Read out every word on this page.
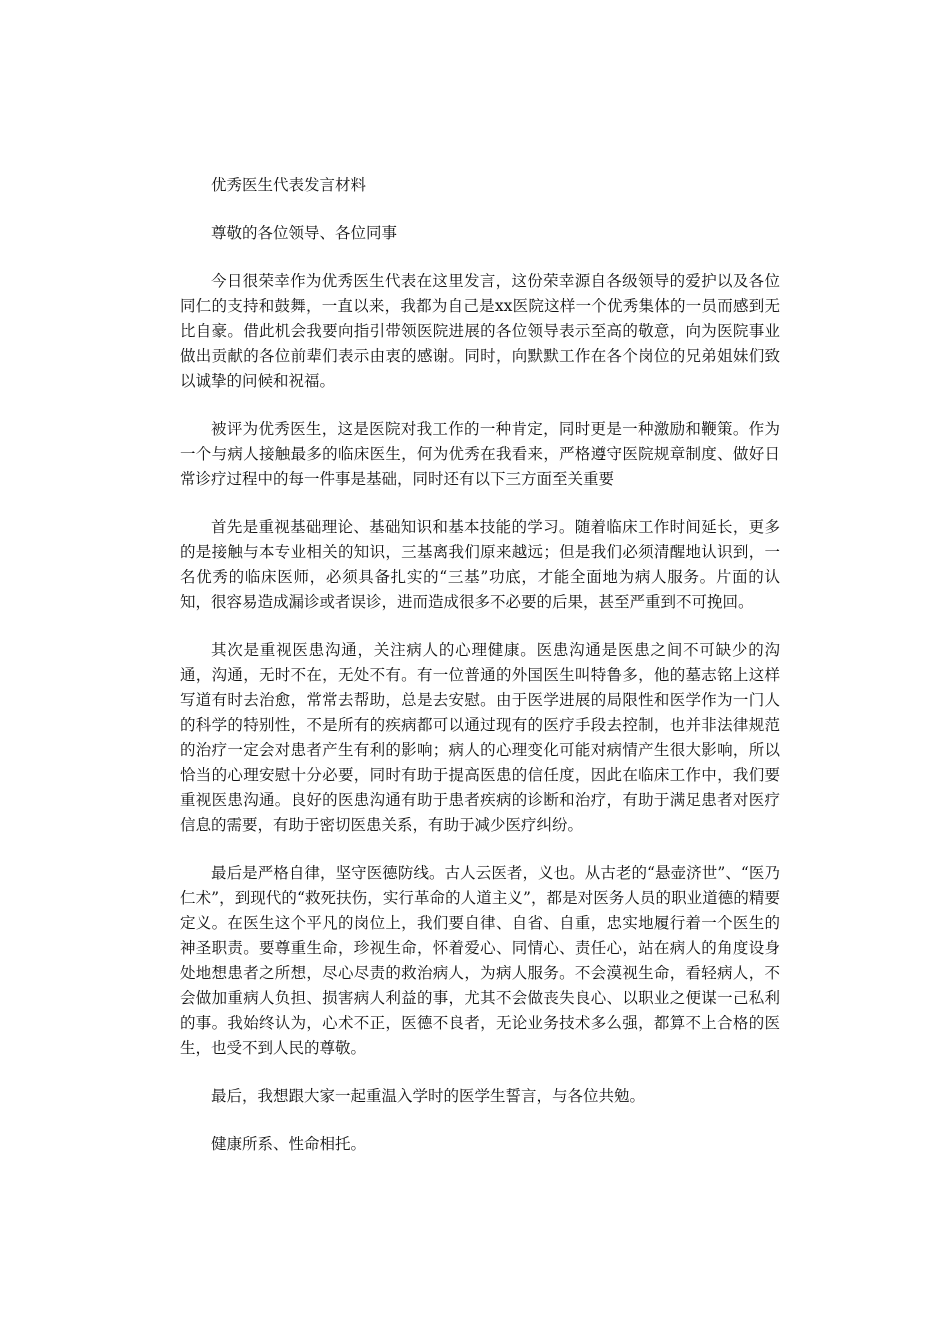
优秀医生代表发言材料

尊敬的各位领导、各位同事

今日很荣幸作为优秀医生代表在这里发言，这份荣幸源自各级领导的爱护以及各位同仁的支持和鼓舞，一直以来，我都为自己是xx医院这样一个优秀集体的一员而感到无比自豪。借此机会我要向指引带领医院进展的各位领导表示至高的敬意，向为医院事业做出贡献的各位前辈们表示由衷的感谢。同时，向默默工作在各个岗位的兄弟姐妹们致以诚挚的问候和祝福。

被评为优秀医生，这是医院对我工作的一种肯定，同时更是一种激励和鞭策。作为一个与病人接触最多的临床医生，何为优秀在我看来，严格遵守医院规章制度、做好日常诊疗过程中的每一件事是基础，同时还有以下三方面至关重要

首先是重视基础理论、基础知识和基本技能的学习。随着临床工作时间延长，更多的是接触与本专业相关的知识，三基离我们原来越远；但是我们必须清醒地认识到，一名优秀的临床医师，必须具备扎实的“三基”功底，才能全面地为病人服务。片面的认知，很容易造成漏诊或者误诊，进而造成很多不必要的后果，甚至严重到不可挽回。

其次是重视医患沟通，关注病人的心理健康。医患沟通是医患之间不可缺少的沟通，沟通，无时不在，无处不有。有一位普通的外国医生叫特鲁多，他的墓志铭上这样写道有时去治愈，常常去帮助，总是去安慰。由于医学进展的局限性和医学作为一门人的科学的特别性，不是所有的疾病都可以通过现有的医疗手段去控制，也并非法律规范的治疗一定会对患者产生有利的影响；病人的心理变化可能对病情产生很大影响，所以恰当的心理安慰十分必要，同时有助于提高医患的信任度，因此在临床工作中，我们要重视医患沟通。良好的医患沟通有助于患者疾病的诊断和治疗，有助于满足患者对医疗信息的需要，有助于密切医患关系，有助于减少医疗纠纷。

最后是严格自律，坚守医德防线。古人云医者，义也。从古老的“悬壶济世”、“医乃仁术”，到现代的“救死扶伤，实行革命的人道主义”，都是对医务人员的职业道德的精要定义。在医生这个平凡的岗位上，我们要自律、自省、自重，忠实地履行着一个医生的神圣职责。要尊重生命，珍视生命，怀着爱心、同情心、责任心，站在病人的角度设身处地想患者之所想，尽心尽责的救治病人，为病人服务。不会漠视生命，看轻病人，不会做加重病人负担、损害病人利益的事，尤其不会做丧失良心、以职业之便谋一己私利的事。我始终认为，心术不正，医德不良者，无论业务技术多么强，都算不上合格的医生，也受不到人民的尊敬。

最后，我想跟大家一起重温入学时的医学生誓言，与各位共勉。

健康所系、性命相托。
